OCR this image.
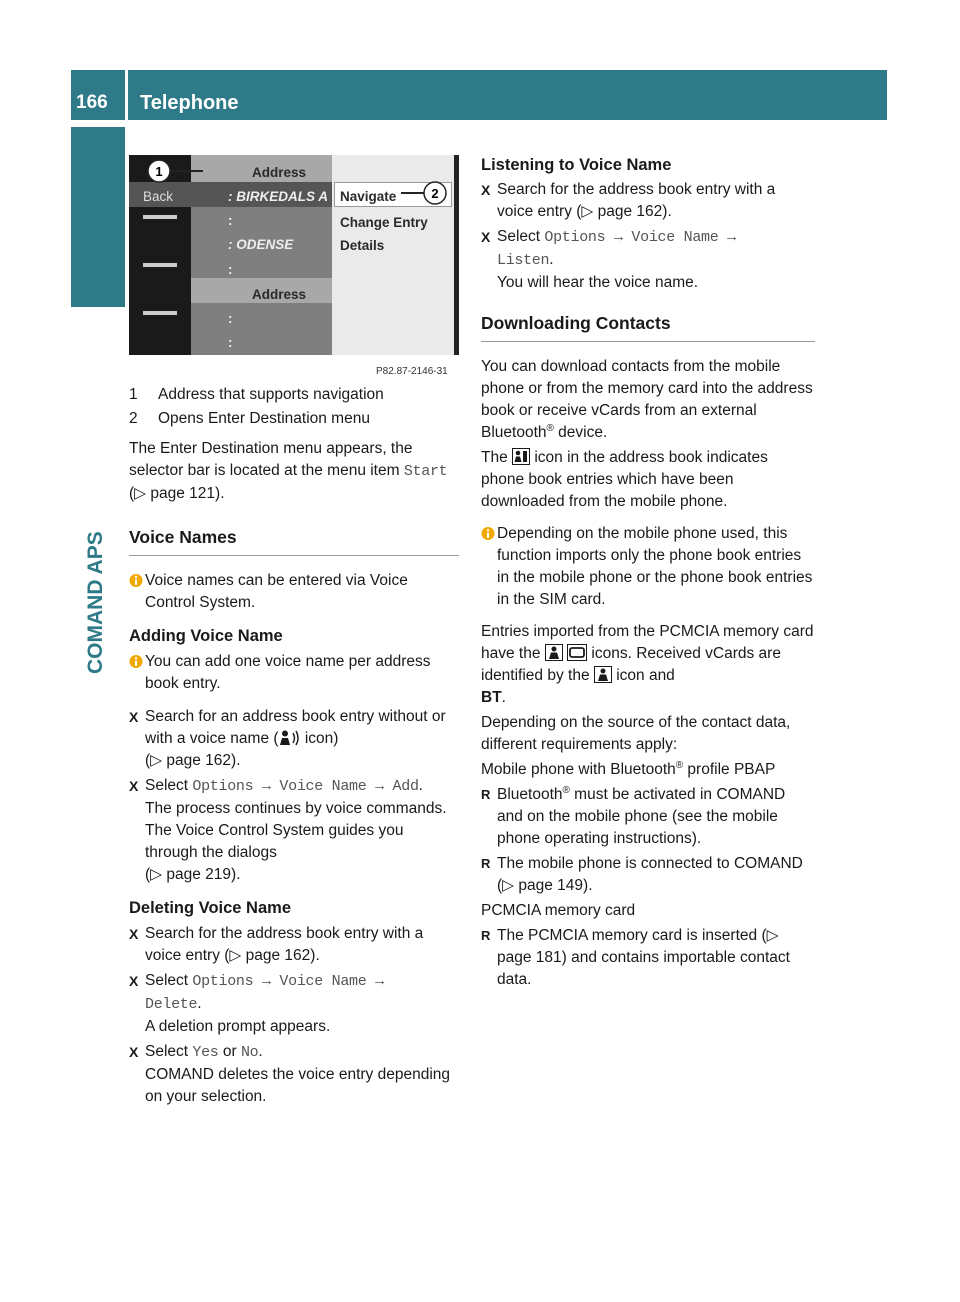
166 Telephone
COMAND APS
Address
Back	: BIRKEDALS A
:
: ODENSE
:
Address
:
:
Navigate
Change Entry
Details
1
2
P82.87-2146-31

1 Address that supports navigation

2 Opens Enter Destination menu

The Enter Destination menu appears, the selector bar is located at the menu item Start (▷ page 121).

Voice Names

Voice names can be entered via Voice Control System.

Adding Voice Name

You can add one voice name per address book entry.

X Search for an address book entry without or with a voice name ( icon)
(▷ page 162).

X Select Options → Voice Name → Add.
The process continues by voice commands. The Voice Control System guides you through the dialogs
(▷ page 219).

Deleting Voice Name

X Search for the address book entry with a voice entry (▷ page 162).

X Select Options → Voice Name →
Delete.
A deletion prompt appears.

X Select Yes or No.
COMAND deletes the voice entry depending on your selection.

Listening to Voice Name

X Search for the address book entry with a voice entry (▷ page 162).

X Select Options → Voice Name →
Listen.
You will hear the voice name.

Downloading Contacts

You can download contacts from the mobile phone or from the memory card into the address book or receive vCards from an external Bluetooth® device.

The icon in the address book indicates phone book entries which have been downloaded from the mobile phone.

Depending on the mobile phone used, this function imports only the phone book entries in the mobile phone or the phone book entries in the SIM card.

Entries imported from the PCMCIA memory card have the	icons. Received vCards are identified by the icon and
BT.

Depending on the source of the contact data, different requirements apply:

Mobile phone with Bluetooth® profile PBAP

R Bluetooth® must be activated in COMAND and on the mobile phone (see the mobile phone operating instructions).

R The mobile phone is connected to COMAND (▷ page 149).

PCMCIA memory card

R The PCMCIA memory card is inserted (▷ page 181) and contains importable contact data.
